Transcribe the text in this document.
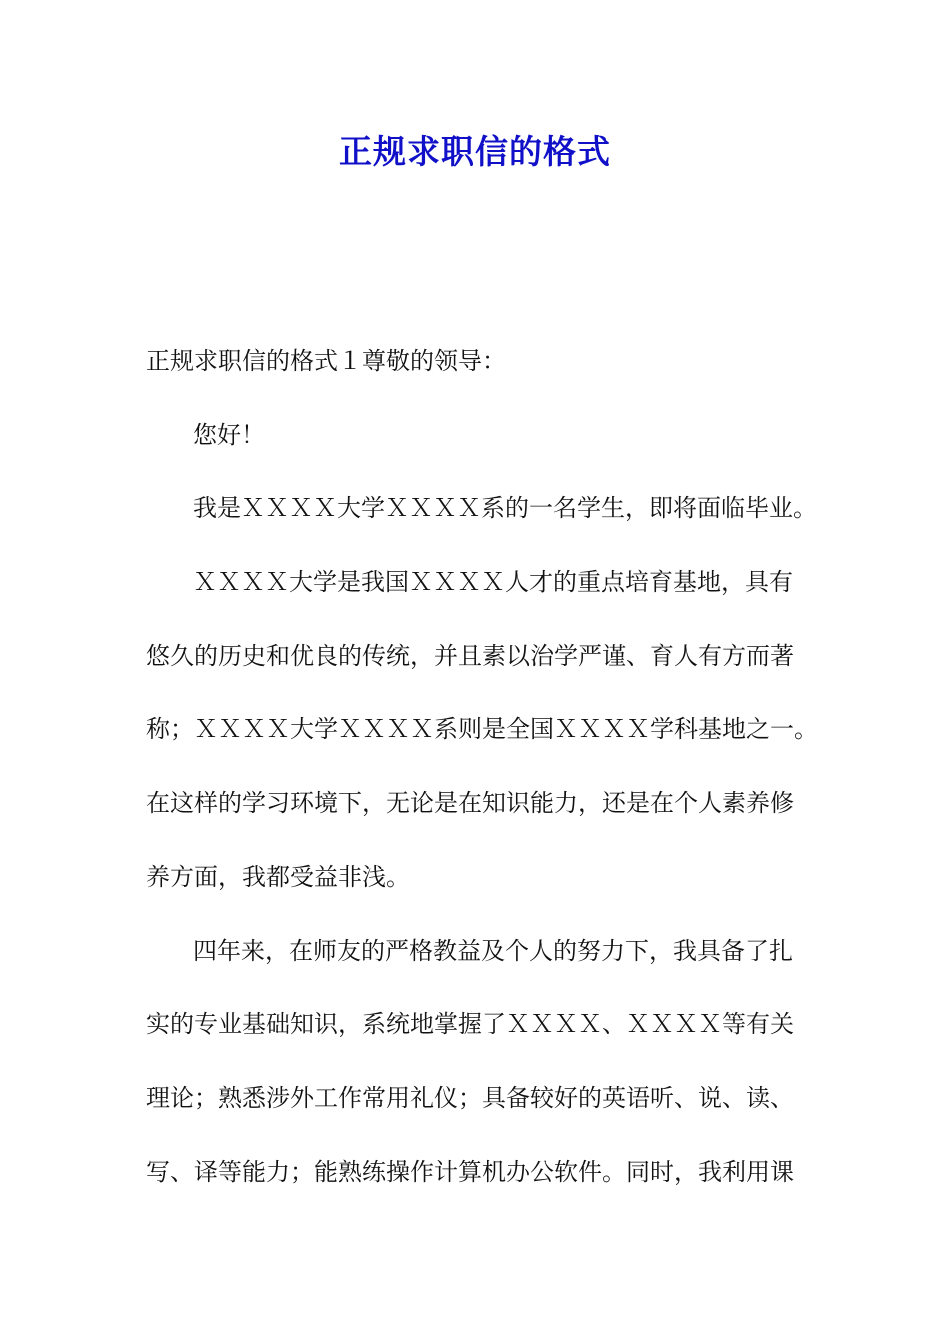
正规求职信的格式

正规求职信的格式１尊敬的领导：

您好！

我是ＸＸＸＸ大学ＸＸＸＸ系的一名学生，即将面临毕业。

ＸＸＸＸ大学是我国ＸＸＸＸ人才的重点培育基地，具有

悠久的历史和优良的传统，并且素以治学严谨、育人有方而著

称；ＸＸＸＸ大学ＸＸＸＸ系则是全国ＸＸＸＸ学科基地之一。

在这样的学习环境下，无论是在知识能力，还是在个人素养修

养方面，我都受益非浅。

四年来，在师友的严格教益及个人的努力下，我具备了扎

实的专业基础知识，系统地掌握了ＸＸＸＸ、ＸＸＸＸ等有关

理论；熟悉涉外工作常用礼仪；具备较好的英语听、说、读、

写、译等能力；能熟练操作计算机办公软件。同时，我利用课
